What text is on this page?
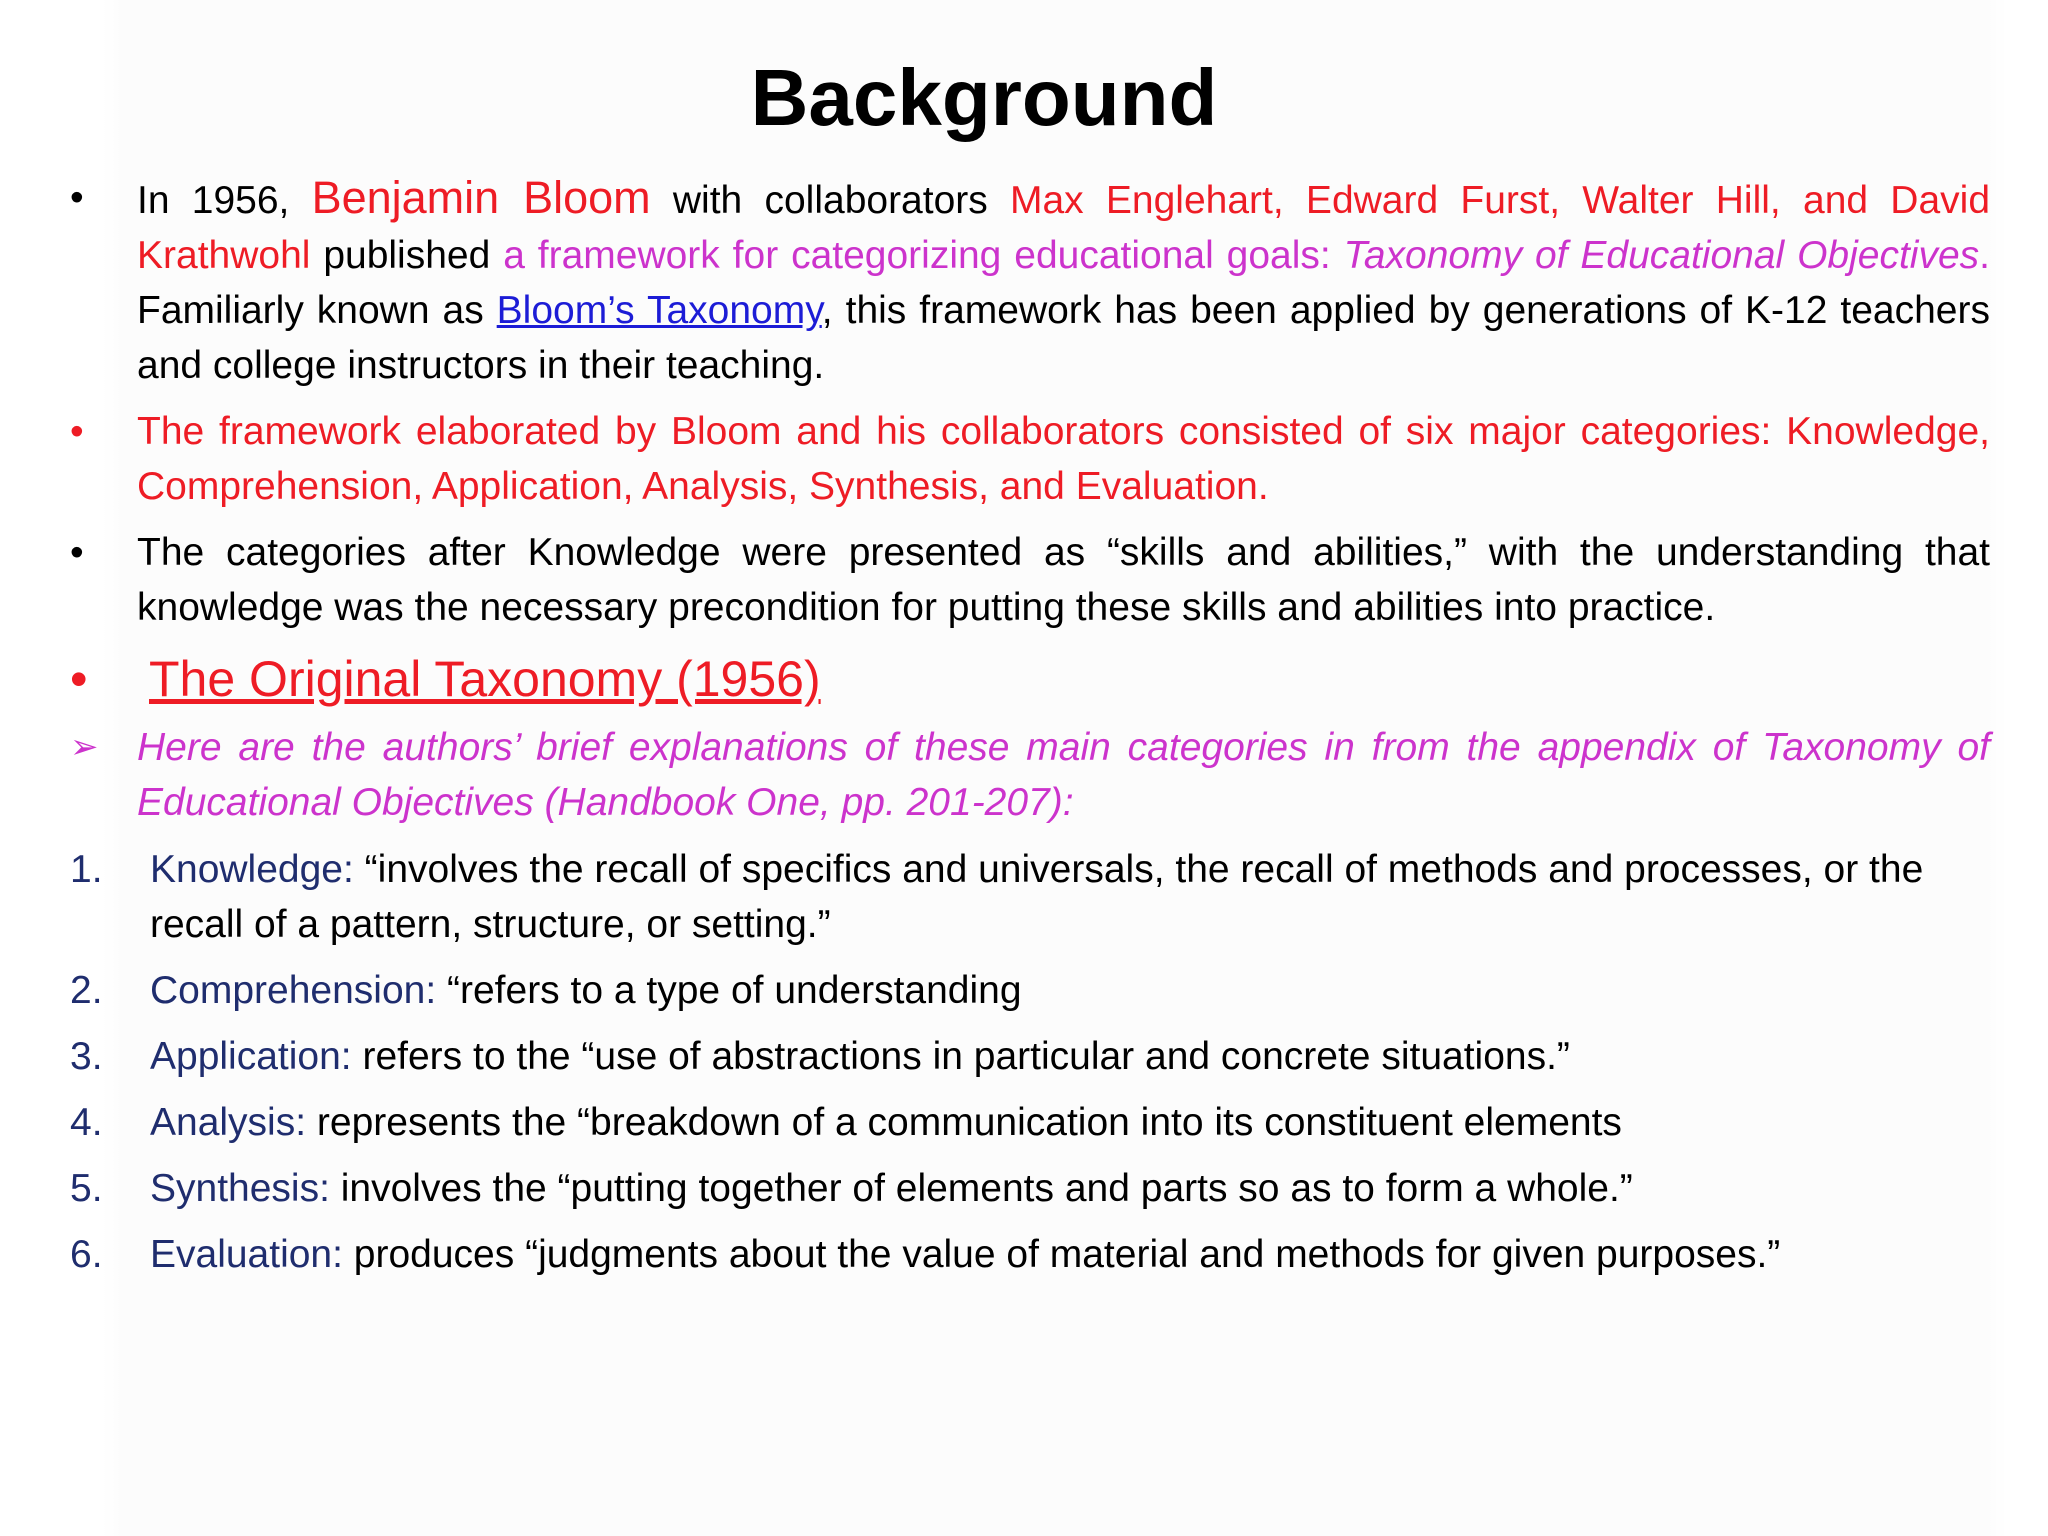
Background
•	In 1956, Benjamin Bloom with collaborators Max Englehart, Edward Furst, Walter Hill, and David Krathwohl published a framework for categorizing educational goals: Taxonomy of Educational Objectives. Familiarly known as Bloom’s Taxonomy, this framework has been applied by generations of K-12 teachers and college instructors in their teaching.
•	The framework elaborated by Bloom and his collaborators consisted of six major categories: Knowledge, Comprehension, Application, Analysis, Synthesis, and Evaluation.
•	The categories after Knowledge were presented as “skills and abilities,” with the understanding that knowledge was the necessary precondition for putting these skills and abilities into practice.
•	The Original Taxonomy (1956)
➢ Here are the authors’ brief explanations of these main categories in from the appendix of Taxonomy of Educational Objectives (Handbook One, pp. 201-207):
1.	Knowledge: “involves the recall of specifics and universals, the recall of methods and processes, or the recall of a pattern, structure, or setting.”
2.	Comprehension: “refers to a type of understanding
3.	Application: refers to the “use of abstractions in particular and concrete situations.”
4.	Analysis: represents the “breakdown of a communication into its constituent elements
5.	Synthesis: involves the “putting together of elements and parts so as to form a whole.”
6.	Evaluation: produces “judgments about the value of material and methods for given purposes.”
